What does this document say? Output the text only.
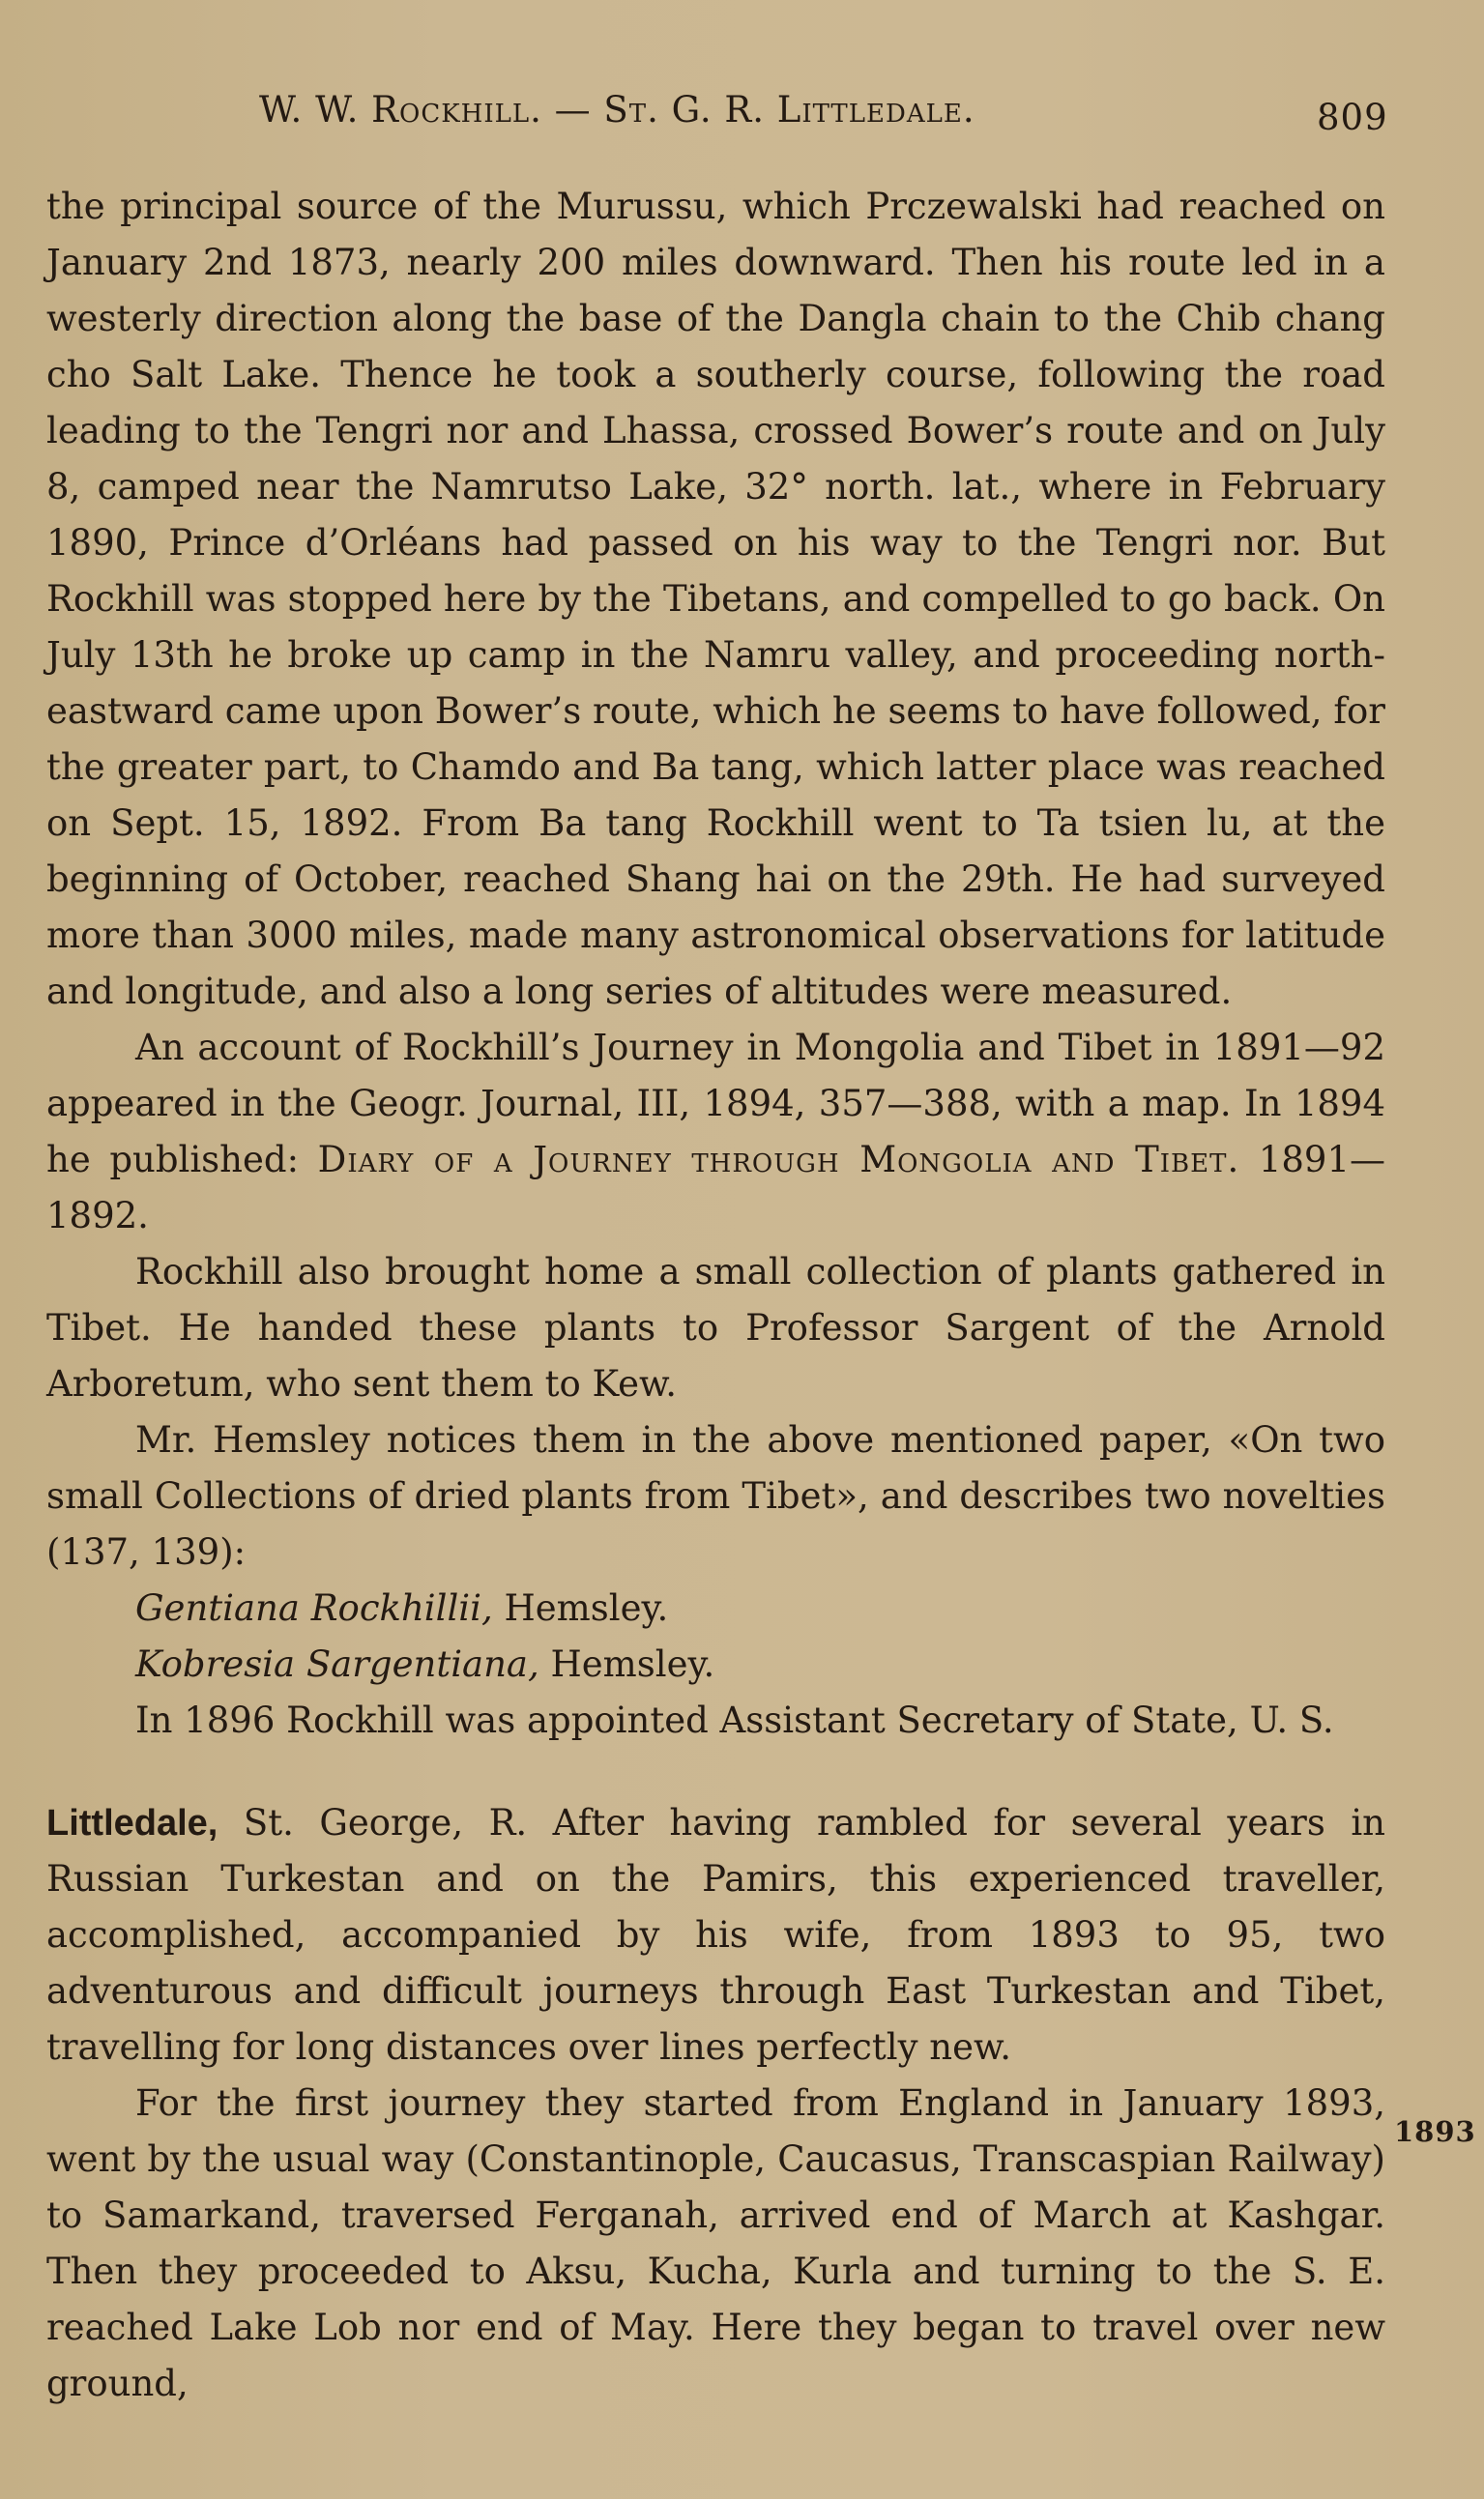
W. W. Rockhill. — St. G. R. Littledale.	809

the principal source of the Murussu, which Prczewalski had reached on January 2nd 1873, nearly 200 miles downward. Then his route led in a westerly direction along the base of the Dangla chain to the Chib chang cho Salt Lake. Thence he took a southerly course, following the road leading to the Tengri nor and Lhassa, crossed Bower’s route and on July 8, camped near the Namrutso Lake, 32° north. lat., where in February 1890, Prince d’Orléans had passed on his way to the Tengri nor. But Rockhill was stopped here by the Tibetans, and compelled to go back. On July 13th he broke up camp in the Namru valley, and proceeding north-eastward came upon Bower’s route, which he seems to have followed, for the greater part, to Chamdo and Ba tang, which latter place was reached on Sept. 15, 1892. From Ba tang Rockhill went to Ta tsien lu, at the beginning of October, reached Shang hai on the 29th. He had surveyed more than 3000 miles, made many astronomical observations for latitude and longitude, and also a long series of altitudes were measured.

An account of Rockhill’s Journey in Mongolia and Tibet in 1891—92 appeared in the Geogr. Journal, III, 1894, 357—388, with a map. In 1894 he published: Diary of a Journey through Mongolia and Tibet. 1891—1892.

Rockhill also brought home a small collection of plants gathered in Tibet. He handed these plants to Professor Sargent of the Arnold Arboretum, who sent them to Kew.

Mr. Hemsley notices them in the above mentioned paper, «On two small Collections of dried plants from Tibet», and describes two novelties (137, 139):

Gentiana Rockhillii, Hemsley.

Kobresia Sargentiana, Hemsley.

In 1896 Rockhill was appointed Assistant Secretary of State, U. S.

Littledale, St. George, R. After having rambled for several years in Russian Turkestan and on the Pamirs, this experienced traveller, accomplished, accompanied by his wife, from 1893 to 95, two adventurous and difficult journeys through East Turkestan and Tibet, travelling for long distances over lines perfectly new.

For the first journey they started from England in January 1893, went by the usual way (Constantinople, Caucasus, Transcaspian Railway) to Samarkand, traversed Ferganah, arrived end of March at Kashgar. Then they proceeded to Aksu, Kucha, Kurla and turning to the S. E. reached Lake Lob nor end of May. Here they began to travel over new ground,

1893
